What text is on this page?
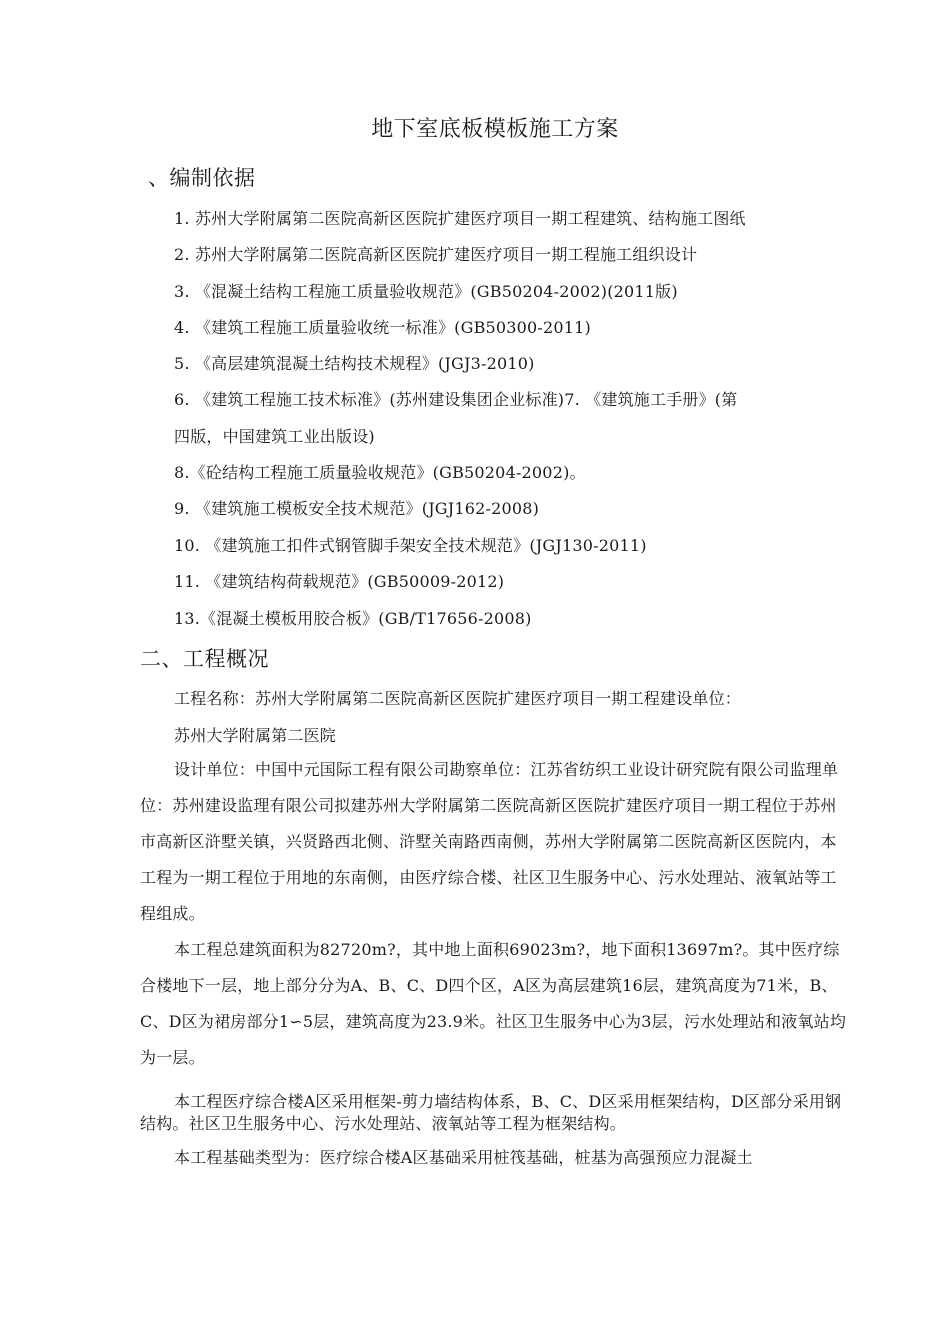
地下室底板模板施工方案
、编制依据
1. 苏州大学附属第二医院高新区医院扩建医疗项目一期工程建筑、结构施工图纸
2. 苏州大学附属第二医院高新区医院扩建医疗项目一期工程施工组织设计
3. 《混凝土结构工程施工质量验收规范》(GB50204-2002)(2011版)
4. 《建筑工程施工质量验收统一标准》(GB50300-2011)
5. 《高层建筑混凝土结构技术规程》(JGJ3-2010)
6. 《建筑工程施工技术标准》(苏州建设集团企业标准)7. 《建筑施工手册》(第
四版，中国建筑工业出版设)
8.《砼结构工程施工质量验收规范》(GB50204-2002)。
9. 《建筑施工模板安全技术规范》(JGJ162-2008)
10. 《建筑施工扣件式钢管脚手架安全技术规范》(JGJ130-2011)
11. 《建筑结构荷载规范》(GB50009-2012)
13.《混凝土模板用胶合板》(GB/T17656-2008)
二、工程概况
工程名称：苏州大学附属第二医院高新区医院扩建医疗项目一期工程建设单位：
苏州大学附属第二医院
设计单位：中国中元国际工程有限公司勘察单位：江苏省纺织工业设计研究院有限公司监理单位：苏州建设监理有限公司拟建苏州大学附属第二医院高新区医院扩建医疗项目一期工程位于苏州市高新区浒墅关镇，兴贤路西北侧、浒墅关南路西南侧，苏州大学附属第二医院高新区医院内，本工程为一期工程位于用地的东南侧，由医疗综合楼、社区卫生服务中心、污水处理站、液氧站等工程组成。
本工程总建筑面积为82720m?，其中地上面积69023m?，地下面积13697m?。其中医疗综合楼地下一层，地上部分分为A、B、C、D四个区，A区为高层建筑16层，建筑高度为71米，B、C、D区为裙房部分1∽5层，建筑高度为23.9米。社区卫生服务中心为3层，污水处理站和液氧站均为一层。
本工程医疗综合楼A区采用框架-剪力墙结构体系，B、C、D区采用框架结构，D区部分采用钢结构。社区卫生服务中心、污水处理站、液氧站等工程为框架结构。
本工程基础类型为：医疗综合楼A区基础采用桩筏基础，桩基为高强预应力混凝土
